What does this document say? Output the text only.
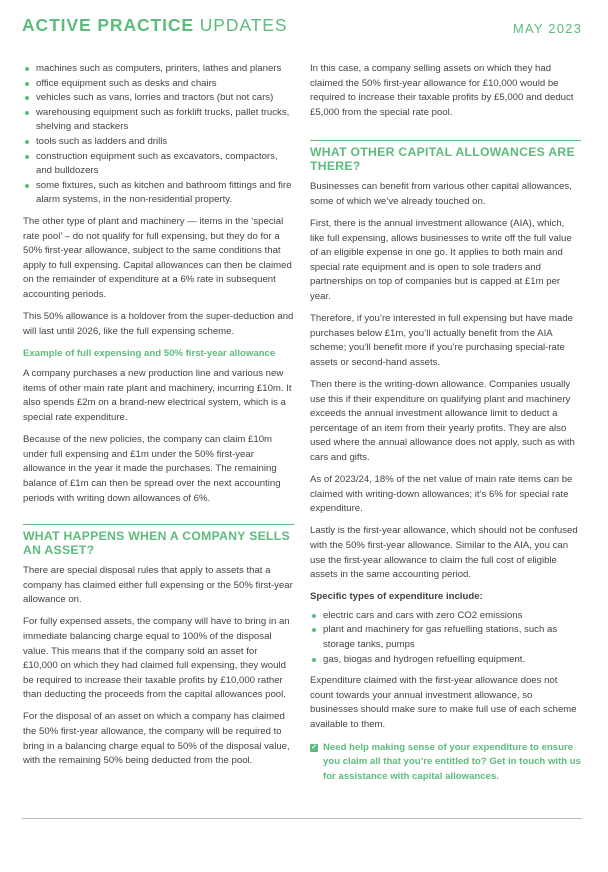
ACTIVE PRACTICE UPDATES	MAY 2023
machines such as computers, printers, lathes and planers
office equipment such as desks and chairs
vehicles such as vans, lorries and tractors (but not cars)
warehousing equipment such as forklift trucks, pallet trucks, shelving and stackers
tools such as ladders and drills
construction equipment such as excavators, compactors, and bulldozers
some fixtures, such as kitchen and bathroom fittings and fire alarm systems, in the non-residential property.

The other type of plant and machinery — items in the ‘special rate pool’ – do not qualify for full expensing, but they do for a 50% first-year allowance, subject to the same conditions that apply to full expensing. Capital allowances can then be claimed on the remainder of expenditure at a 6% rate in subsequent accounting periods.

This 50% allowance is a holdover from the super-deduction and will last until 2026, like the full expensing scheme.

Example of full expensing and 50% first-year allowance

A company purchases a new production line and various new items of other main rate plant and machinery, incurring £10m. It also spends £2m on a brand-new electrical system, which is a special rate expenditure.

Because of the new policies, the company can claim £10m under full expensing and £1m under the 50% first-year allowance in the year it made the purchases. The remaining balance of £1m can then be spread over the next accounting periods with writing down allowances of 6%.

WHAT HAPPENS WHEN A COMPANY SELLS AN ASSET?

There are special disposal rules that apply to assets that a company has claimed either full expensing or the 50% first-year allowance on.

For fully expensed assets, the company will have to bring in an immediate balancing charge equal to 100% of the disposal value. This means that if the company sold an asset for £10,000 on which they had claimed full expensing, they would be required to increase their taxable profits by £10,000 rather than deducting the proceeds from the capital allowances pool.

For the disposal of an asset on which a company has claimed the 50% first-year allowance, the company will be required to bring in a balancing charge equal to 50% of the disposal value, with the remaining 50% being deducted from the pool.

In this case, a company selling assets on which they had claimed the 50% first-year allowance for £10,000 would be required to increase their taxable profits by £5,000 and deduct £5,000 from the special rate pool.

WHAT OTHER CAPITAL ALLOWANCES ARE THERE?

Businesses can benefit from various other capital allowances, some of which we’ve already touched on.

First, there is the annual investment allowance (AIA), which, like full expensing, allows businesses to write off the full value of an eligible expense in one go. It applies to both main and special rate equipment and is open to sole traders and partnerships on top of companies but is capped at £1m per year.

Therefore, if you’re interested in full expensing but have made purchases below £1m, you’ll actually benefit from the AIA scheme; you’ll benefit more if you’re purchasing special-rate assets or second-hand assets.

Then there is the writing-down allowance. Companies usually use this if their expenditure on qualifying plant and machinery exceeds the annual investment allowance limit to deduct a percentage of an item from their yearly profits. They are also used where the annual allowance does not apply, such as with cars and gifts.

As of 2023/24, 18% of the net value of main rate items can be claimed with writing-down allowances; it’s 6% for special rate expenditure.

Lastly is the first-year allowance, which should not be confused with the 50% first-year allowance. Similar to the AIA, you can use the first-year allowance to claim the full cost of eligible assets in the same accounting period.

Specific types of expenditure include:

electric cars and cars with zero CO2 emissions
plant and machinery for gas refuelling stations, such as storage tanks, pumps
gas, biogas and hydrogen refuelling equipment.

Expenditure claimed with the first-year allowance does not count towards your annual investment allowance, so businesses should make sure to make full use of each scheme available to them.

✓ Need help making sense of your expenditure to ensure you claim all that you’re entitled to? Get in touch with us for assistance with capital allowances.
